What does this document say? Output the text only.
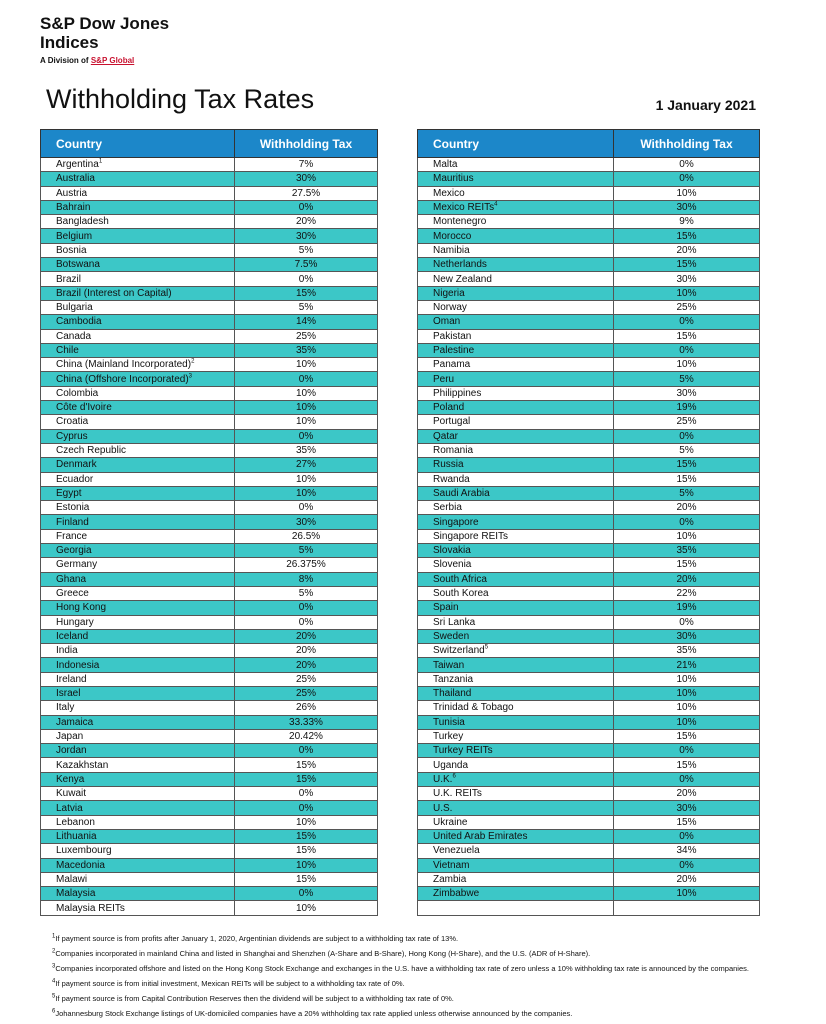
S&P Dow Jones
Indices
A Division of S&P Global
Withholding Tax Rates	1 January 2021
Country	Withholding Tax
Argentina$^1$	7%
Australia	30%
Austria	27.5%
Bahrain	0%
Bangladesh	20%
Belgium	30%
Bosnia	5%
Botswana	7.5%
Brazil	0%
Brazil (Interest on Capital)	15%
Bulgaria	5%
Cambodia	14%
Canada	25%
Chile	35%
China (Mainland Incorporated)$^2$	10%
China (Offshore Incorporated)$^3$	0%
Colombia	10%
Côte d'Ivoire	10%
Croatia	10%
Cyprus	0%
Czech Republic	35%
Denmark	27%
Ecuador	10%
Egypt	10%
Estonia	0%
Finland	30%
France	26.5%
Georgia	5%
Germany	26.375%
Ghana	8%
Greece	5%
Hong Kong	0%
Hungary	0%
Iceland	20%
India	20%
Indonesia	20%
Ireland	25%
Israel	25%
Italy	26%
Jamaica	33.33%
Japan	20.42%
Jordan	0%
Kazakhstan	15%
Kenya	15%
Kuwait	0%
Latvia	0%
Lebanon	10%
Lithuania	15%
Luxembourg	15%
Macedonia	10%
Malawi	15%
Malaysia	0%
Malaysia REITs	10%
Country	Withholding Tax
Malta	0%
Mauritius	0%
Mexico	10%
Mexico REITs$^4$	30%
Montenegro	9%
Morocco	15%
Namibia	20%
Netherlands	15%
New Zealand	30%
Nigeria	10%
Norway	25%
Oman	0%
Pakistan	15%
Palestine	0%
Panama	10%
Peru	5%
Philippines	30%
Poland	19%
Portugal	25%
Qatar	0%
Romania	5%
Russia	15%
Rwanda	15%
Saudi Arabia	5%
Serbia	20%
Singapore	0%
Singapore REITs	10%
Slovakia	35%
Slovenia	15%
South Africa	20%
South Korea	22%
Spain	19%
Sri Lanka	0%
Sweden	30%
Switzerland$^5$	35%
Taiwan	21%
Tanzania	10%
Thailand	10%
Trinidad & Tobago	10%
Tunisia	10%
Turkey	15%
Turkey REITs	0%
Uganda	15%
U.K.$^6$	0%
U.K. REITs	20%
U.S.	30%
Ukraine	15%
United Arab Emirates	0%
Venezuela	34%
Vietnam	0%
Zambia	20%
Zimbabwe	10%

$^1$If payment source is from profits after January 1, 2020, Argentinian dividends are subject to a withholding tax rate of 13%.

$^2$Companies incorporated in mainland China and listed in Shanghai and Shenzhen (A-Share and B-Share), Hong Kong (H-Share), and the U.S. (ADR of H-Share).

$^3$Companies incorporated offshore and listed on the Hong Kong Stock Exchange and exchanges in the U.S. have a withholding tax rate of zero unless a 10% withholding tax rate is announced by the companies.

$^4$If payment source is from initial investment, Mexican REITs will be subject to a withholding tax rate of 0%.

$^5$If payment source is from Capital Contribution Reserves then the dividend will be subject to a withholding tax rate of 0%.

$^6$Johannesburg Stock Exchange listings of UK-domiciled companies have a 20% withholding tax rate applied unless otherwise announced by the companies.
